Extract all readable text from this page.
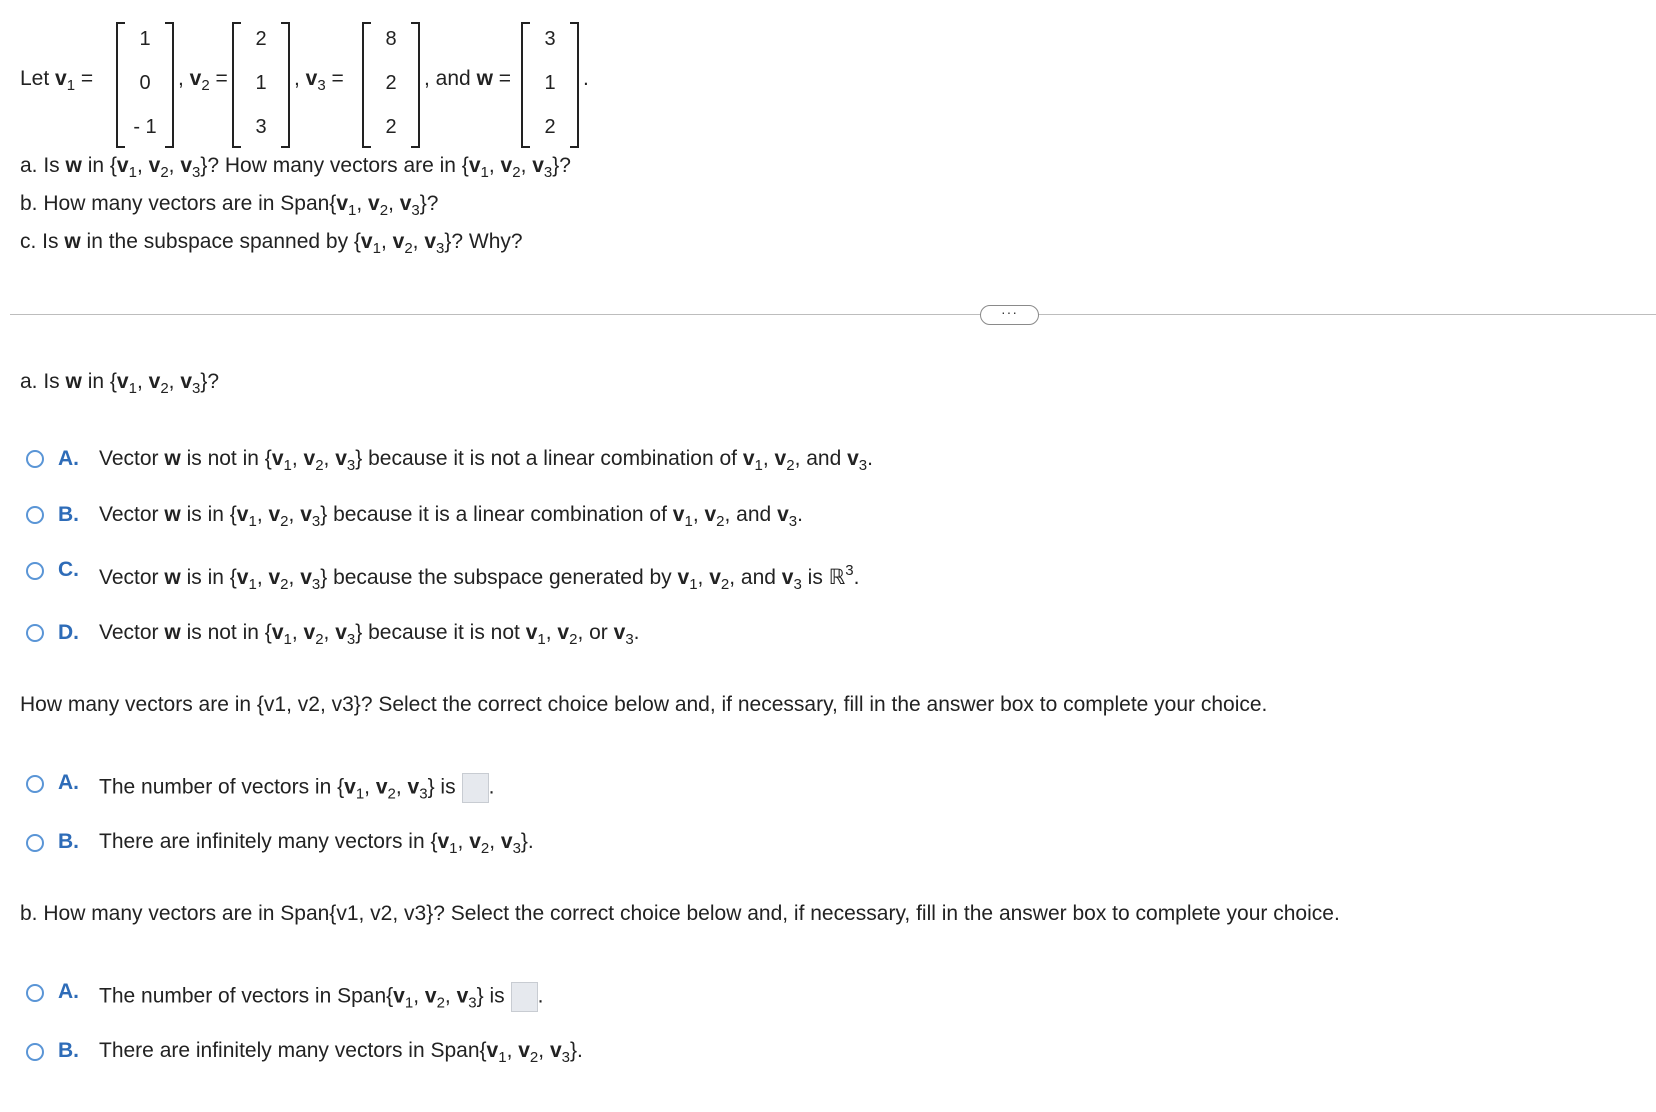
Let $v_1$ =
1
0
- 1
, $v_2$ =
2
1
3
, $v_3$ =
8
2
2
, and w =
3
1
2
.
a. Is w in {$v_1$, $v_2$, $v_3$}? How many vectors are in {$v_1$, $v_2$, $v_3$}?
b. How many vectors are in $Span\{v_1$, $v_2$, $v_3$}?
c. Is w in the subspace spanned by {$v_1$, $v_2$, $v_3$}? Why?
···
a. Is w in {$v_1$, $v_2$, $v_3$}?
A. Vector w is not in {$v_1$, $v_2$, $v_3$} because it is not a linear combination of $v_1$, $v_2$, and $v_3$.
B. Vector w is in {$v_1$, $v_2$, $v_3$} because it is a linear combination of $v_1$, $v_2$, and $v_3$.
C. Vector w is in {$v_1$, $v_2$, $v_3$} because the subspace generated by $v_1$, $v_2$, and $v_3$ is ℝ$^3$.
D. Vector w is not in {$v_1$, $v_2$, $v_3$} because it is not $v_1$, $v_2$, or $v_3$.
How many vectors are in {v1, v2, v3}? Select the correct choice below and, if necessary, fill in the answer box to complete your choice.
A. The number of vectors in {$v_1$, $v_2$, $v_3$} is .
B. There are infinitely many vectors in {$v_1$, $v_2$, $v_3$}.
b. How many vectors are in Span{v1, v2, v3}? Select the correct choice below and, if necessary, fill in the answer box to complete your choice.
A. The number of vectors in $Span\{v_1$, $v_2$, $v_3$} is .
B. There are infinitely many vectors in $Span\{v_1$, $v_2$, $v_3$}.
